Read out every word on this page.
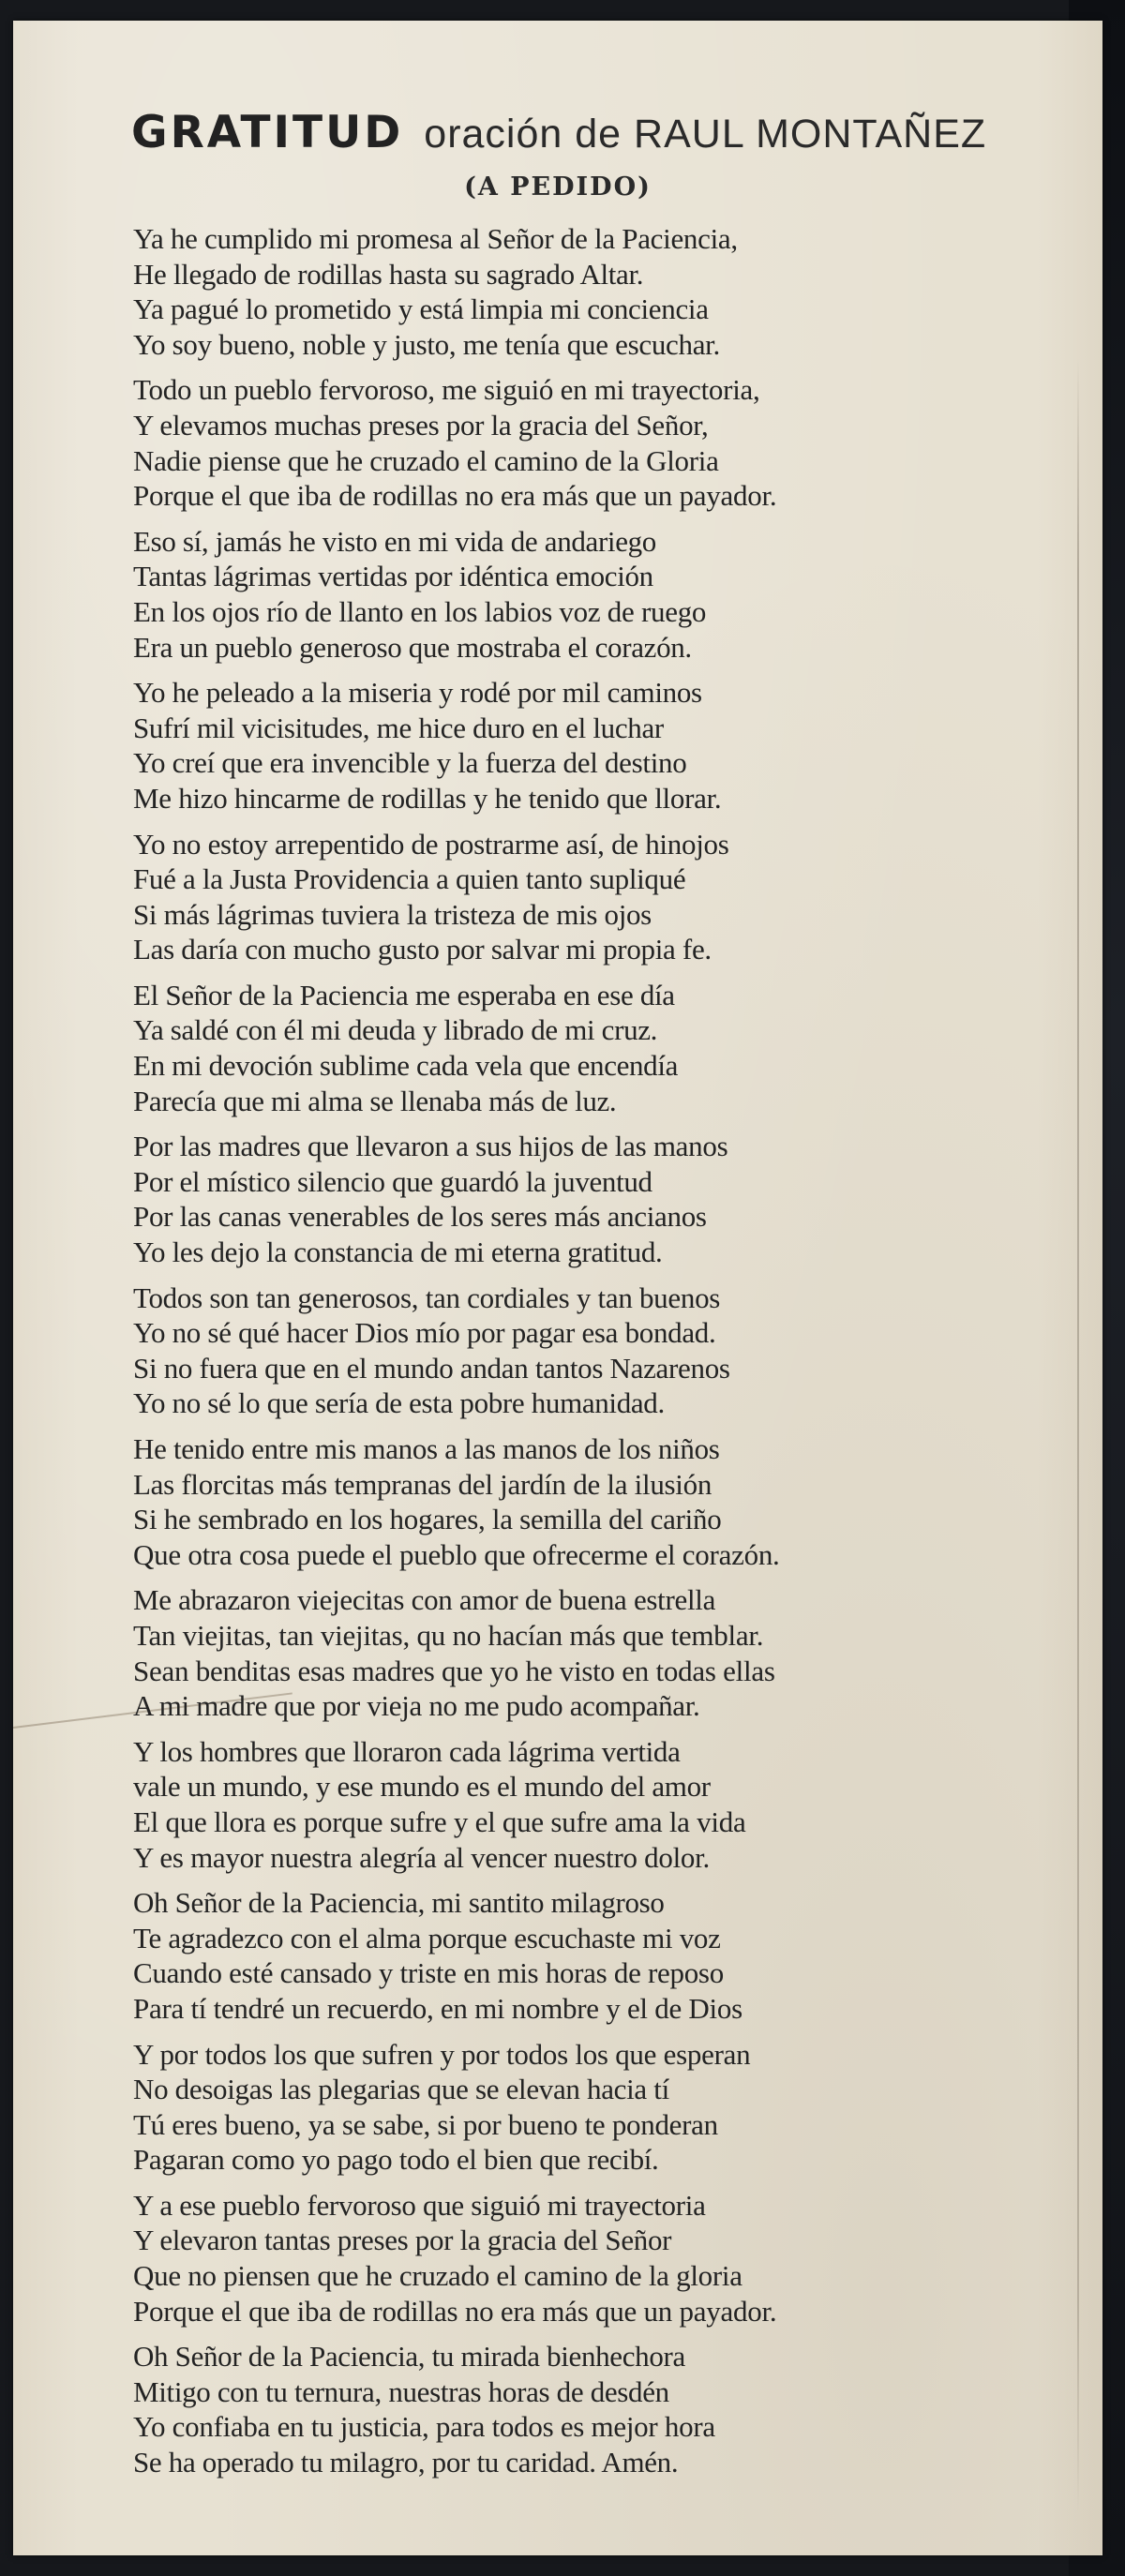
GRATITUD oración de RAUL MONTAÑEZ
(A PEDIDO)
Ya he cumplido mi promesa al Señor de la Paciencia,
He llegado de rodillas hasta su sagrado Altar.
Ya pagué lo prometido y está limpia mi conciencia
Yo soy bueno, noble y justo, me tenía que escuchar.
Todo un pueblo fervoroso, me siguió en mi trayectoria,
Y elevamos muchas preses por la gracia del Señor,
Nadie piense que he cruzado el camino de la Gloria
Porque el que iba de rodillas no era más que un payador.
Eso sí, jamás he visto en mi vida de andariego
Tantas lágrimas vertidas por idéntica emoción
En los ojos río de llanto en los labios voz de ruego
Era un pueblo generoso que mostraba el corazón.
Yo he peleado a la miseria y rodé por mil caminos
Sufrí mil vicisitudes, me hice duro en el luchar
Yo creí que era invencible y la fuerza del destino
Me hizo hincarme de rodillas y he tenido que llorar.
Yo no estoy arrepentido de postrarme así, de hinojos
Fué a la Justa Providencia a quien tanto supliqué
Si más lágrimas tuviera la tristeza de mis ojos
Las daría con mucho gusto por salvar mi propia fe.
El Señor de la Paciencia me esperaba en ese día
Ya saldé con él mi deuda y librado de mi cruz.
En mi devoción sublime cada vela que encendía
Parecía que mi alma se llenaba más de luz.
Por las madres que llevaron a sus hijos de las manos
Por el místico silencio que guardó la juventud
Por las canas venerables de los seres más ancianos
Yo les dejo la constancia de mi eterna gratitud.
Todos son tan generosos, tan cordiales y tan buenos
Yo no sé qué hacer Dios mío por pagar esa bondad.
Si no fuera que en el mundo andan tantos Nazarenos
Yo no sé lo que sería de esta pobre humanidad.
He tenido entre mis manos a las manos de los niños
Las florcitas más tempranas del jardín de la ilusión
Si he sembrado en los hogares, la semilla del cariño
Que otra cosa puede el pueblo que ofrecerme el corazón.
Me abrazaron viejecitas con amor de buena estrella
Tan viejitas, tan viejitas, qu no hacían más que temblar.
Sean benditas esas madres que yo he visto en todas ellas
A mi madre que por vieja no me pudo acompañar.
Y los hombres que lloraron cada lágrima vertida
vale un mundo, y ese mundo es el mundo del amor
El que llora es porque sufre y el que sufre ama la vida
Y es mayor nuestra alegría al vencer nuestro dolor.
Oh Señor de la Paciencia, mi santito milagroso
Te agradezco con el alma porque escuchaste mi voz
Cuando esté cansado y triste en mis horas de reposo
Para tí tendré un recuerdo, en mi nombre y el de Dios
Y por todos los que sufren y por todos los que esperan
No desoigas las plegarias que se elevan hacia tí
Tú eres bueno, ya se sabe, si por bueno te ponderan
Pagaran como yo pago todo el bien que recibí.
Y a ese pueblo fervoroso que siguió mi trayectoria
Y elevaron tantas preses por la gracia del Señor
Que no piensen que he cruzado el camino de la gloria
Porque el que iba de rodillas no era más que un payador.
Oh Señor de la Paciencia, tu mirada bienhechora
Mitigo con tu ternura, nuestras horas de desdén
Yo confiaba en tu justicia, para todos es mejor hora
Se ha operado tu milagro, por tu caridad. Amén.
